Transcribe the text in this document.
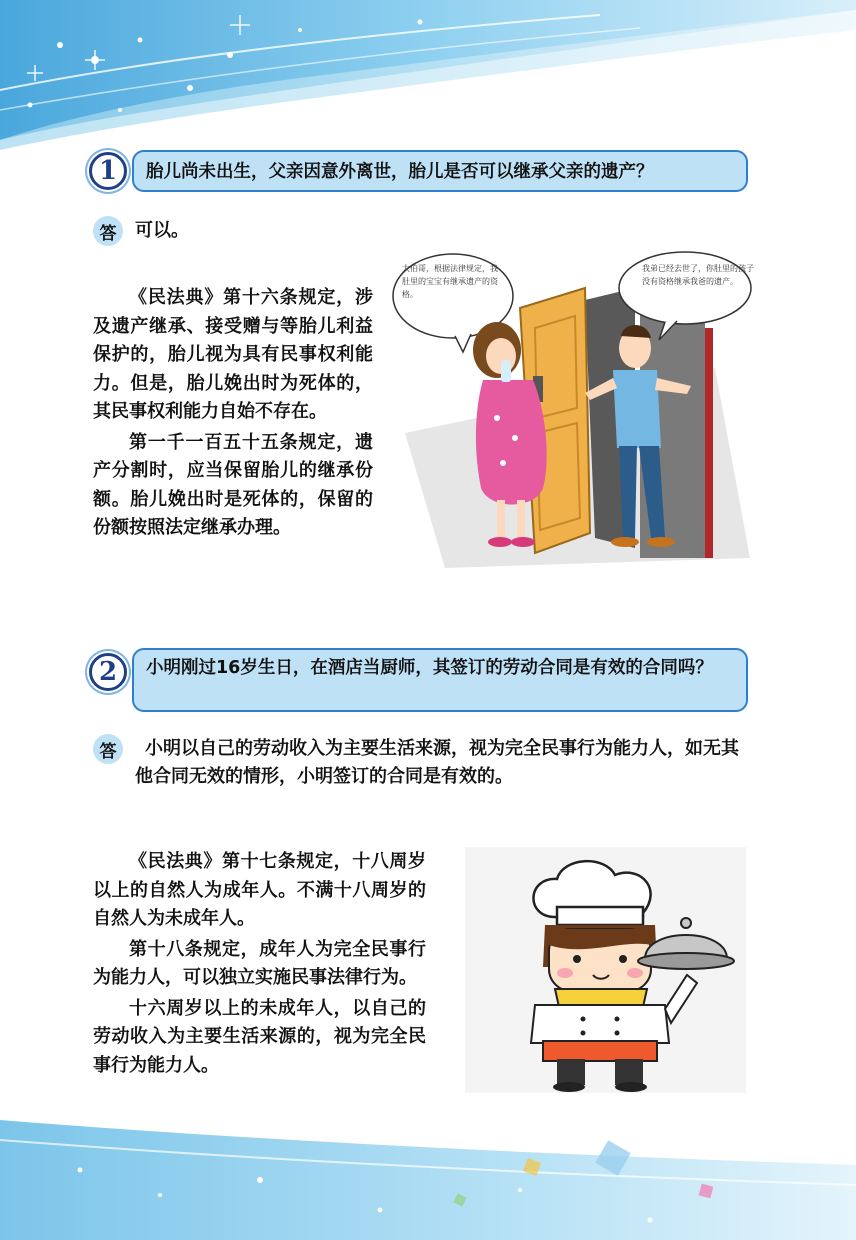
1	胎儿尚未出生，父亲因意外离世，胎儿是否可以继承父亲的遗产？
答	可以。

《民法典》第十六条规定，涉及遗产继承、接受赠与等胎儿利益保护的，胎儿视为具有民事权利能力。但是，胎儿娩出时为死体的，其民事权利能力自始不存在。

第一千一百五十五条规定，遗产分割时，应当保留胎儿的继承份额。胎儿娩出时是死体的，保留的份额按照法定继承办理。

大伯哥，根据法律规定，我肚里的宝宝有继承遗产的资格。
我弟已经去世了，你肚里的孩子没有资格继承我爸的遗产。
2	小明刚过16岁生日，在酒店当厨师，其签订的劳动合同是有效的合同吗？
答	小明以自己的劳动收入为主要生活来源，视为完全民事行为能力人，如无其他合同无效的情形，小明签订的合同是有效的。

《民法典》第十七条规定，十八周岁以上的自然人为成年人。不满十八周岁的自然人为未成年人。

第十八条规定，成年人为完全民事行为能力人，可以独立实施民事法律行为。

十六周岁以上的未成年人，以自己的劳动收入为主要生活来源的，视为完全民事行为能力人。
